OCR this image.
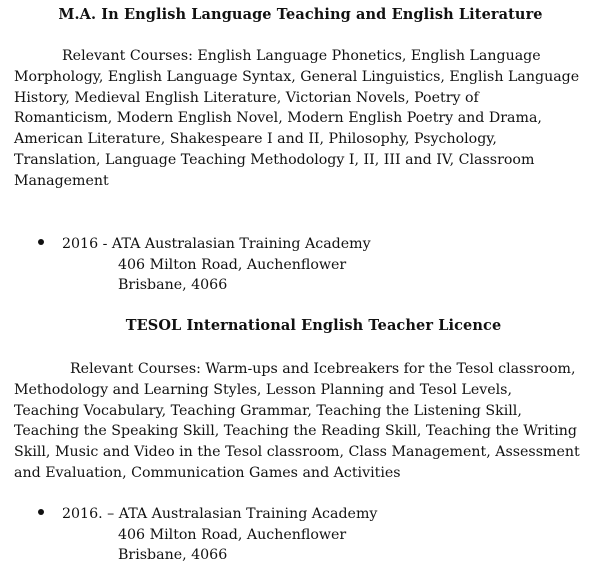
M.A. In English Language Teaching and English Literature

Relevant Courses: English Language Phonetics, English Language
Morphology, English Language Syntax, General Linguistics, English Language
History, Medieval English Literature, Victorian Novels, Poetry of
Romanticism, Modern English Novel, Modern English Poetry and Drama,
American Literature, Shakespeare I and II, Philosophy, Psychology,
Translation, Language Teaching Methodology I, II, III and IV, Classroom
Management

2016 - ATA Australasian Training Academy
406 Milton Road, Auchenflower
Brisbane, 4066
TESOL International English Teacher Licence

Relevant Courses: Warm-ups and Icebreakers for the Tesol classroom,
Methodology and Learning Styles, Lesson Planning and Tesol Levels,
Teaching Vocabulary, Teaching Grammar, Teaching the Listening Skill,
Teaching the Speaking Skill, Teaching the Reading Skill, Teaching the Writing
Skill, Music and Video in the Tesol classroom, Class Management, Assessment
and Evaluation, Communication Games and Activities

2016. – ATA Australasian Training Academy
406 Milton Road, Auchenflower
Brisbane, 4066
